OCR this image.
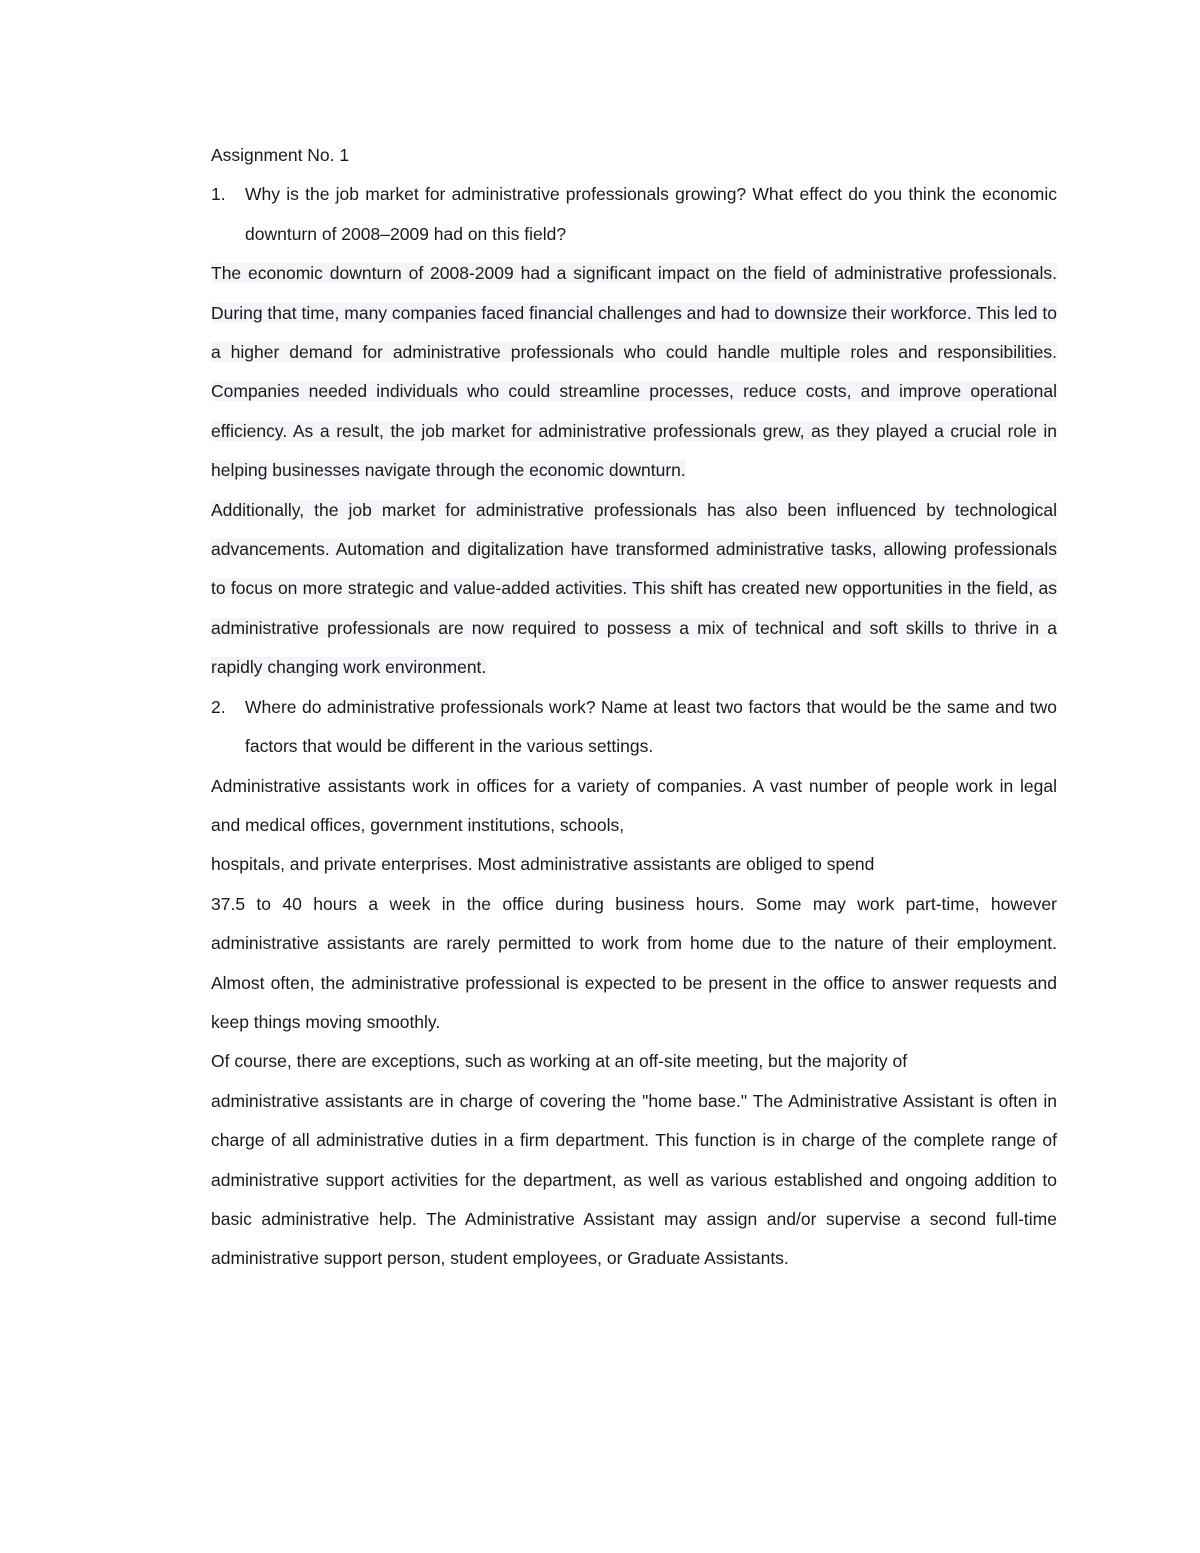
Assignment No. 1

1.	Why is the job market for administrative professionals growing? What effect do you think the economic downturn of 2008–2009 had on this field?

The economic downturn of 2008-2009 had a significant impact on the field of administrative professionals. During that time, many companies faced financial challenges and had to downsize their workforce. This led to a higher demand for administrative professionals who could handle multiple roles and responsibilities. Companies needed individuals who could streamline processes, reduce costs, and improve operational efficiency. As a result, the job market for administrative professionals grew, as they played a crucial role in helping businesses navigate through the economic downturn.

Additionally, the job market for administrative professionals has also been influenced by technological advancements. Automation and digitalization have transformed administrative tasks, allowing professionals to focus on more strategic and value-added activities. This shift has created new opportunities in the field, as administrative professionals are now required to possess a mix of technical and soft skills to thrive in a rapidly changing work environment.

2.	Where do administrative professionals work? Name at least two factors that would be the same and two factors that would be different in the various settings.

Administrative assistants work in offices for a variety of companies. A vast number of people work in legal and medical offices, government institutions, schools,

hospitals, and private enterprises. Most administrative assistants are obliged to spend

37.5 to 40 hours a week in the office during business hours. Some may work part-time, however administrative assistants are rarely permitted to work from home due to the nature of their employment. Almost often, the administrative professional is expected to be present in the office to answer requests and keep things moving smoothly.

Of course, there are exceptions, such as working at an off-site meeting, but the majority of

administrative assistants are in charge of covering the "home base." The Administrative Assistant is often in charge of all administrative duties in a firm department. This function is in charge of the complete range of administrative support activities for the department, as well as various established and ongoing addition to basic administrative help. The Administrative Assistant may assign and/or supervise a second full-time administrative support person, student employees, or Graduate Assistants.
